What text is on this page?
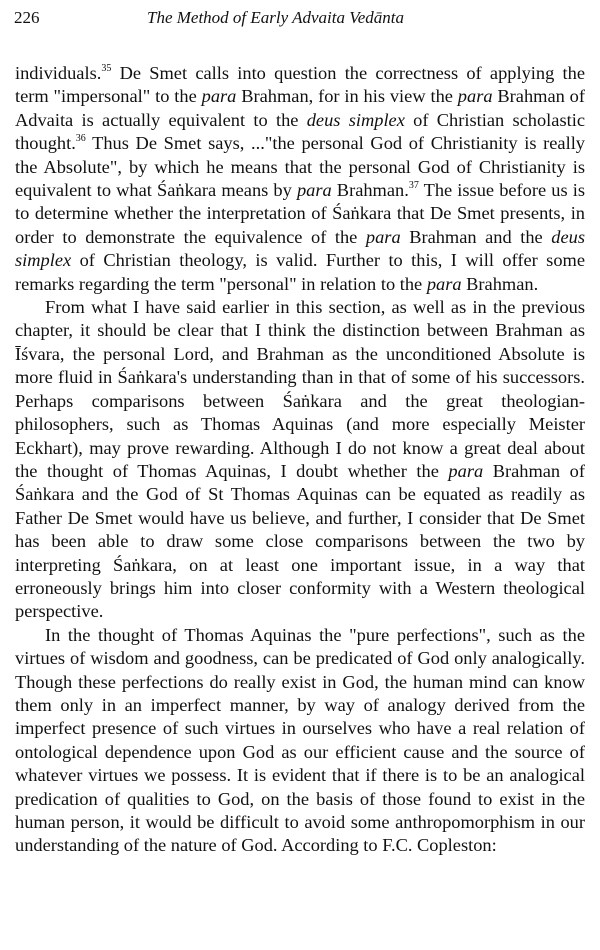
226	The Method of Early Advaita Vedānta

individuals.$^{35}$ De Smet calls into question the correctness of applying the term "impersonal" to the para Brahman, for in his view the para Brahman of Advaita is actually equivalent to the deus simplex of Christian scholastic thought.$^{36}$ Thus De Smet says, ..."the personal God of Christianity is really the Absolute", by which he means that the personal God of Christianity is equivalent to what Śaṅkara means by para Brahman.$^{37}$ The issue before us is to determine whether the interpretation of Śaṅkara that De Smet presents, in order to demonstrate the equivalence of the para Brahman and the deus simplex of Christian theology, is valid. Further to this, I will offer some remarks regarding the term "personal" in relation to the para Brahman.

From what I have said earlier in this section, as well as in the previous chapter, it should be clear that I think the distinction between Brahman as Īśvara, the personal Lord, and Brahman as the unconditioned Absolute is more fluid in Śaṅkara's understanding than in that of some of his successors. Perhaps comparisons between Śaṅkara and the great theologian-philosophers, such as Thomas Aquinas (and more especially Meister Eckhart), may prove rewarding. Although I do not know a great deal about the thought of Thomas Aquinas, I doubt whether the para Brahman of Śaṅkara and the God of St Thomas Aquinas can be equated as readily as Father De Smet would have us believe, and further, I consider that De Smet has been able to draw some close comparisons between the two by interpreting Śaṅkara, on at least one important issue, in a way that erroneously brings him into closer conformity with a Western theological perspective.

In the thought of Thomas Aquinas the "pure perfections", such as the virtues of wisdom and goodness, can be predicated of God only analogically. Though these perfections do really exist in God, the human mind can know them only in an imperfect manner, by way of analogy derived from the imperfect presence of such virtues in ourselves who have a real relation of ontological dependence upon God as our efficient cause and the source of whatever virtues we possess. It is evident that if there is to be an analogical predication of qualities to God, on the basis of those found to exist in the human person, it would be difficult to avoid some anthropomorphism in our understanding of the nature of God. According to F.C. Copleston:
